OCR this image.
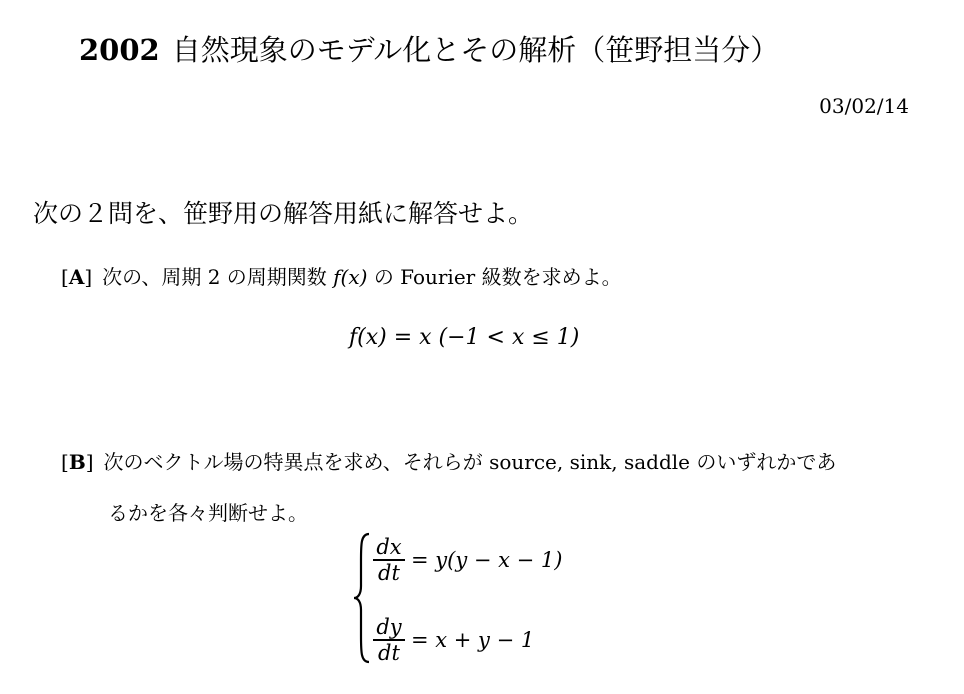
2002 自然現象のモデル化とその解析（笹野担当分）
03/02/14
次の２問を、笹野用の解答用紙に解答せよ。
[A] 次の、周期 2 の周期関数 f(x) の Fourier 級数を求めよ。
f(x) = x (−1 < x ≤ 1)
[B] 次のベクトル場の特異点を求め、それらが source, sink, saddle のいずれかであ
るかを各々判断せよ。
$\frac{dx}{dt} = y(y - x - 1)$
$\frac{dy}{dt} = x + y - 1$
